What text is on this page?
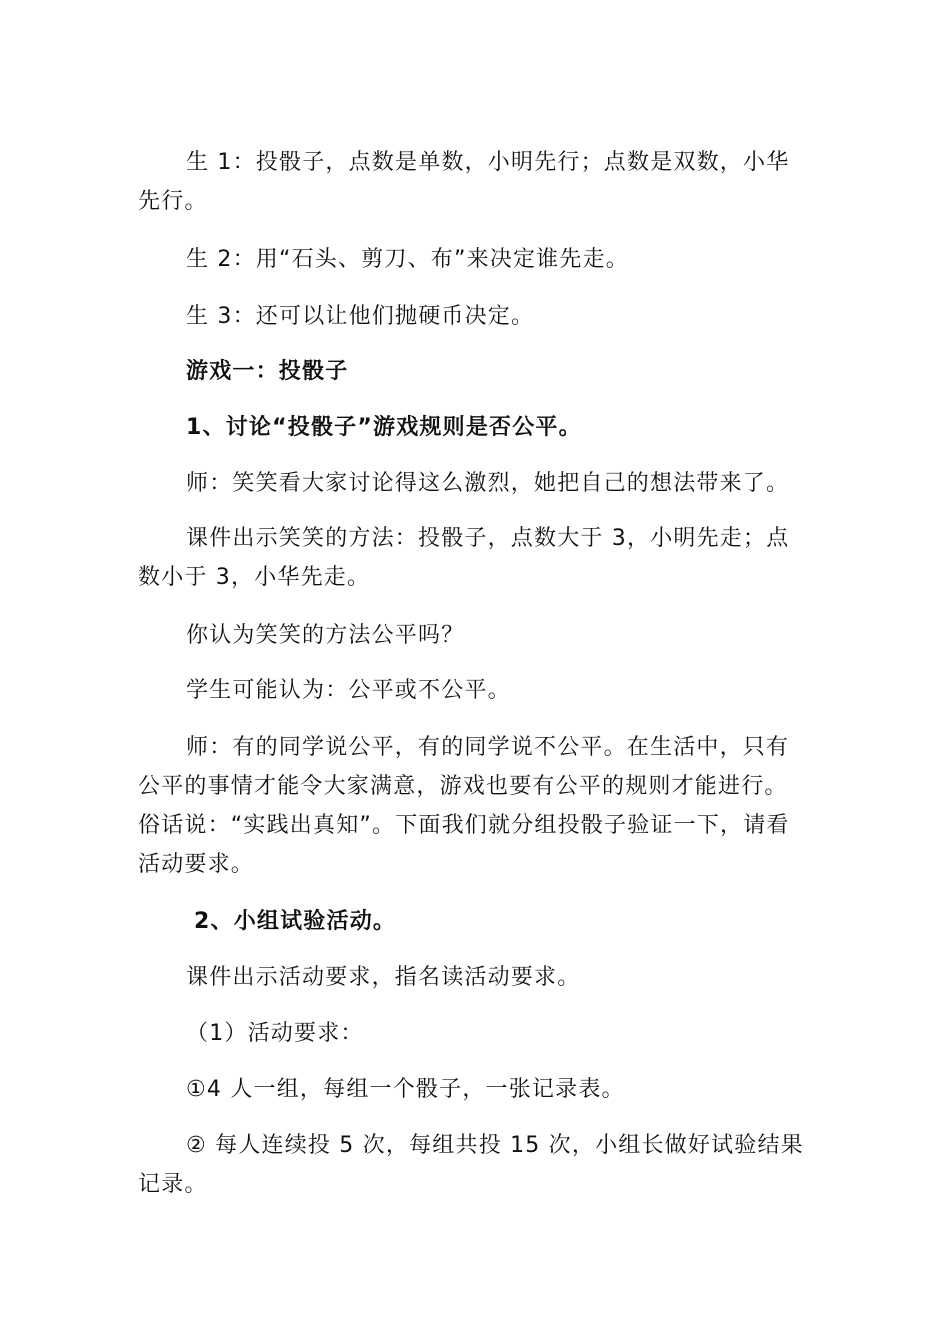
生 1：投骰子，点数是单数，小明先行；点数是双数，小华先行。

生 2：用“石头、剪刀、布”来决定谁先走。

生 3：还可以让他们抛硬币决定。

游戏一：投骰子

1、讨论“投骰子”游戏规则是否公平。

师：笑笑看大家讨论得这么激烈，她把自己的想法带来了。

课件出示笑笑的方法：投骰子，点数大于 3，小明先走；点数小于 3，小华先走。

你认为笑笑的方法公平吗？

学生可能认为：公平或不公平。

师：有的同学说公平，有的同学说不公平。在生活中，只有公平的事情才能令大家满意，游戏也要有公平的规则才能进行。俗话说：“实践出真知”。下面我们就分组投骰子验证一下，请看活动要求。

2、小组试验活动。

课件出示活动要求，指名读活动要求。

（1）活动要求：

①4 人一组，每组一个骰子，一张记录表。

② 每人连续投 5 次，每组共投 15 次，小组长做好试验结果记录。
